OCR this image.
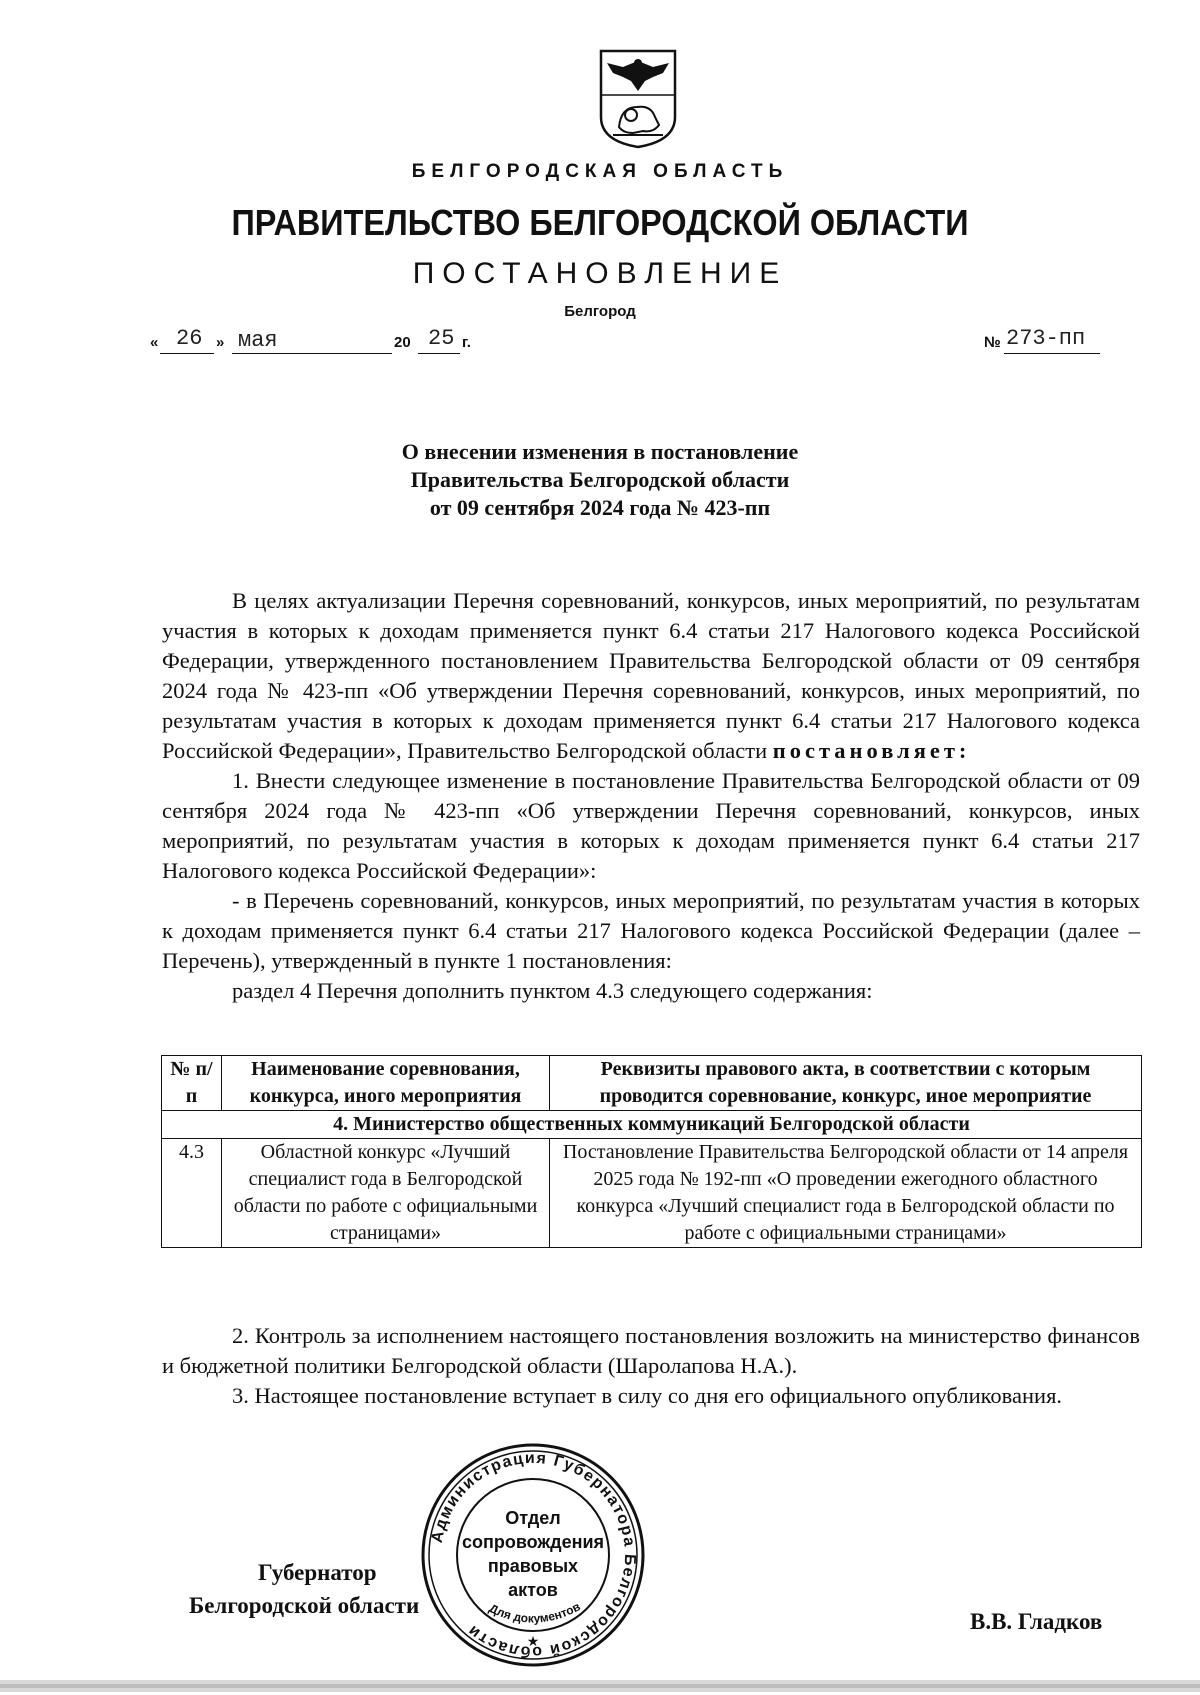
БЕЛГОРОДСКАЯ ОБЛАСТЬ
ПРАВИТЕЛЬСТВО БЕЛГОРОДСКОЙ ОБЛАСТИ
ПОСТАНОВЛЕНИЕ
Белгород
« 26 » мая	20 25 г.	№ 273-пп
О внесении изменения в постановление
Правительства Белгородской области
от 09 сентября 2024 года № 423-пп

В целях актуализации Перечня соревнований, конкурсов, иных мероприятий, по результатам участия в которых к доходам применяется пункт 6.4 статьи 217 Налогового кодекса Российской Федерации, утвержденного постановлением Правительства Белгородской области от 09 сентября 2024 года № 423-пп «Об утверждении Перечня соревнований, конкурсов, иных мероприятий, по результатам участия в которых к доходам применяется пункт 6.4 статьи 217 Налогового кодекса Российской Федерации», Правительство Белгородской области постановляет:

1. Внести следующее изменение в постановление Правительства Белгородской области от 09 сентября 2024 года № 423-пп «Об утверждении Перечня соревнований, конкурсов, иных мероприятий, по результатам участия в которых к доходам применяется пункт 6.4 статьи 217 Налогового кодекса Российской Федерации»:

- в Перечень соревнований, конкурсов, иных мероприятий, по результатам участия в которых к доходам применяется пункт 6.4 статьи 217 Налогового кодекса Российской Федерации (далее – Перечень), утвержденный в пункте 1 постановления:

раздел 4 Перечня дополнить пунктом 4.3 следующего содержания:

№ п/п	Наименование соревнования, конкурса, иного мероприятия	Реквизиты правового акта, в соответствии с которым проводится соревнование, конкурс, иное мероприятие
4. Министерство общественных коммуникаций Белгородской области		
4.3	Областной конкурс «Лучший специалист года в Белгородской области по работе с официальными страницами»	Постановление Правительства Белгородской области от 14 апреля 2025 года № 192-пп «О проведении ежегодного областного конкурса «Лучший специалист года в Белгородской области по работе с официальными страницами»

2. Контроль за исполнением настоящего постановления возложить на министерство финансов и бюджетной политики Белгородской области (Шаролапова Н.А.).

3. Настоящее постановление вступает в силу со дня его официального опубликования.

Администрация Губернатора Белгородской области
Отдел
сопровождения
правовых
актов
Для документов
★
Губернатор
Белгородской области
В.В. Гладков
